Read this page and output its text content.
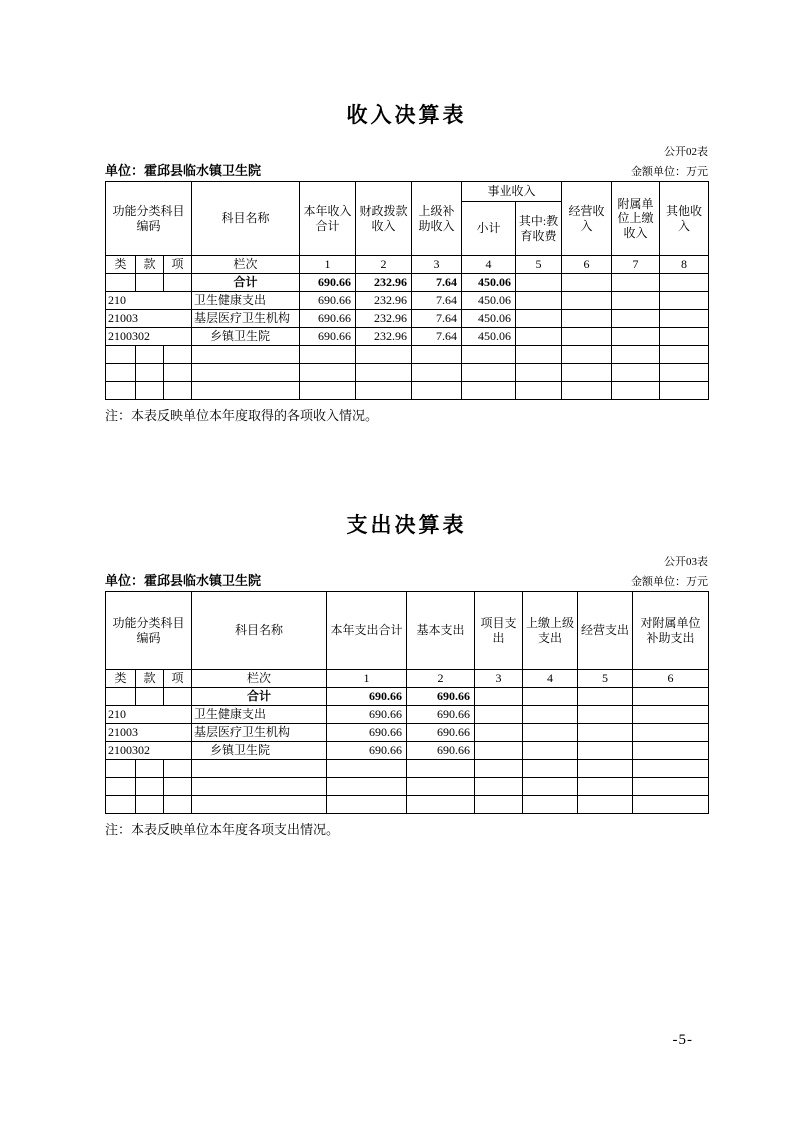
收入决算表
公开02表
单位：霍邱县临水镇卫生院	金额单位：万元
功能分类科目编码			科目名称	本年收入合计	财政拨款收入	上级补助收入	事业收入		经营收入	附属单位上缴收入	其他收入
							小计	其中:教育收费			
类	款	项	栏次	1	2	3	4	5	6	7	8
			合计	690.66	232.96	7.64	450.06				
210			卫生健康支出	690.66	232.96	7.64	450.06				
21003			基层医疗卫生机构	690.66	232.96	7.64	450.06				
2100302			乡镇卫生院	690.66	232.96	7.64	450.06				

注：本表反映单位本年度取得的各项收入情况。
支出决算表
公开03表
单位：霍邱县临水镇卫生院	金额单位：万元
功能分类科目编码			科目名称	本年支出合计	基本支出	项目支出	上缴上级支出	经营支出	对附属单位补助支出
类	款	项	栏次	1	2	3	4	5	6
			合计	690.66	690.66				
210			卫生健康支出	690.66	690.66				
21003			基层医疗卫生机构	690.66	690.66				
2100302			乡镇卫生院	690.66	690.66				

注：本表反映单位本年度各项支出情况。
-5-
